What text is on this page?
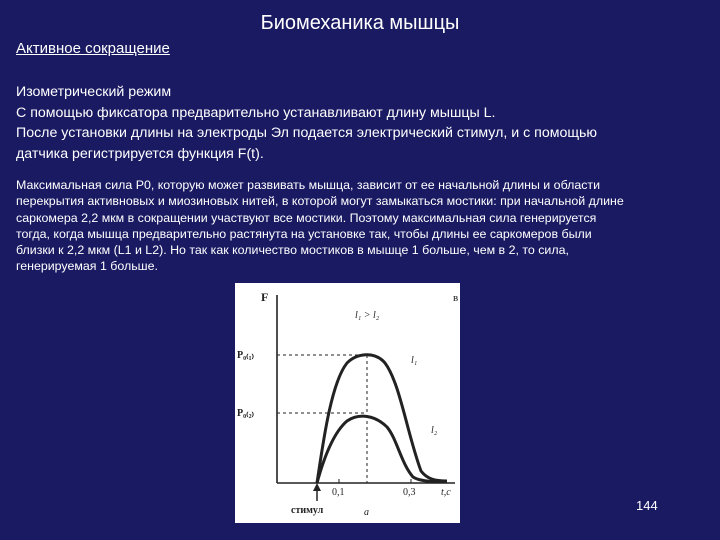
Биомеханика мышцы
Активное сокращение
Изометрический режим
С помощью фиксатора предварительно устанавливают длину мышцы L.
После установки длины на электроды Эл подается электрический стимул, и с помощью
датчика регистрируется функция F(t).
Максимальная сила P0, которую может развивать мышца, зависит от ее начальной длины и области
перекрытия активновых и миозиновых нитей, в которой могут замыкаться мостики: при начальной длине
саркомера 2,2 мкм в сокращении участвуют все мостики. Поэтому максимальная сила генерируется
тогда, когда мышца предварительно растянута на установке так, чтобы длины ее саркомеров были
близки к 2,2 мкм (L1 и L2). Но так как количество мостиков в мышце 1 больше, чем в 2, то сила,
генерируемая 1 больше.
F	в
l₁ > l₂
P₀₍₁₎
P₀₍₂₎
l₁
l₂
стимул
0,1	0,3	t,c
а	144
